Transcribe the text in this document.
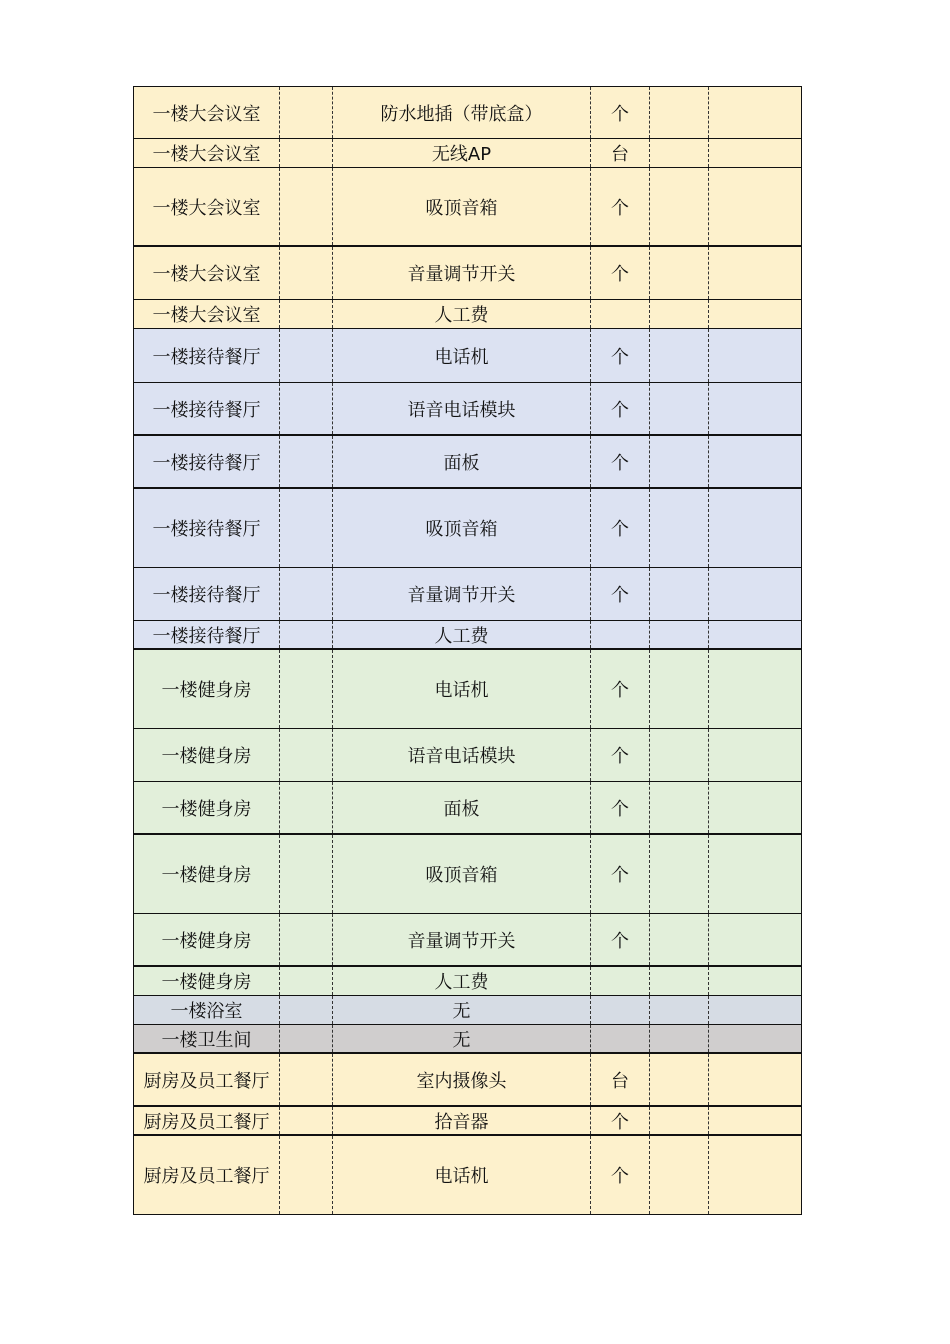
一楼大会议室	防水地插（带底盒）	个
一楼大会议室	无线AP	台
一楼大会议室	吸顶音箱	个
一楼大会议室	音量调节开关	个
一楼大会议室	人工费
一楼接待餐厅	电话机	个
一楼接待餐厅	语音电话模块	个
一楼接待餐厅	面板	个
一楼接待餐厅	吸顶音箱	个
一楼接待餐厅	音量调节开关	个
一楼接待餐厅	人工费
一楼健身房	电话机	个
一楼健身房	语音电话模块	个
一楼健身房	面板	个
一楼健身房	吸顶音箱	个
一楼健身房	音量调节开关	个
一楼健身房	人工费
一楼浴室	无
一楼卫生间	无
厨房及员工餐厅	室内摄像头	台
厨房及员工餐厅	拾音器	个
厨房及员工餐厅	电话机	个
